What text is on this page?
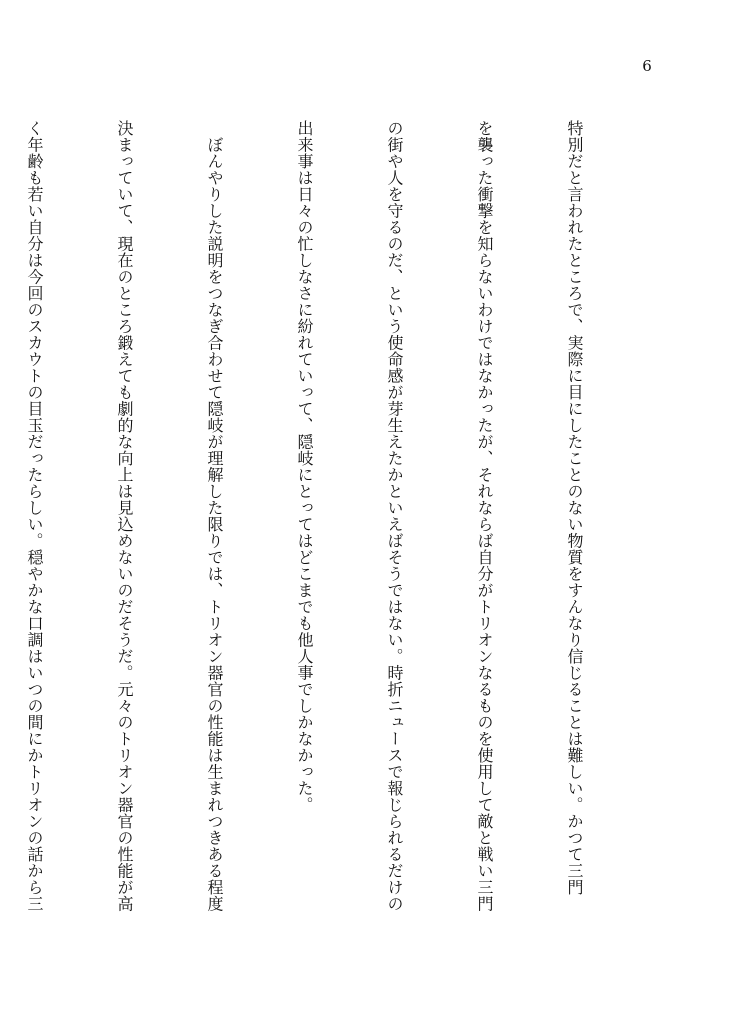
6

特別だと言われたところで、実際に目にしたことのない物質をすんなり信じることは難しい。かつて三門

を襲った衝撃を知らないわけではなかったが、それならば自分がトリオンなるものを使用して敵と戦い三門

の街や人を守るのだ、という使命感が芽生えたかといえばそうではない。時折ニュースで報じられるだけの

出来事は日々の忙しなさに紛れていって、隠岐にとってはどこまでも他人事でしかなかった。

　ぼんやりした説明をつなぎ合わせて隠岐が理解した限りでは、トリオン器官の性能は生まれつきある程度

決まっていて、現在のところ鍛えても劇的な向上は見込めないのだそうだ。元々のトリオン器官の性能が高

く年齢も若い自分は今回のスカウトの目玉だったらしい。穏やかな口調はいつの間にかトリオンの話から三
